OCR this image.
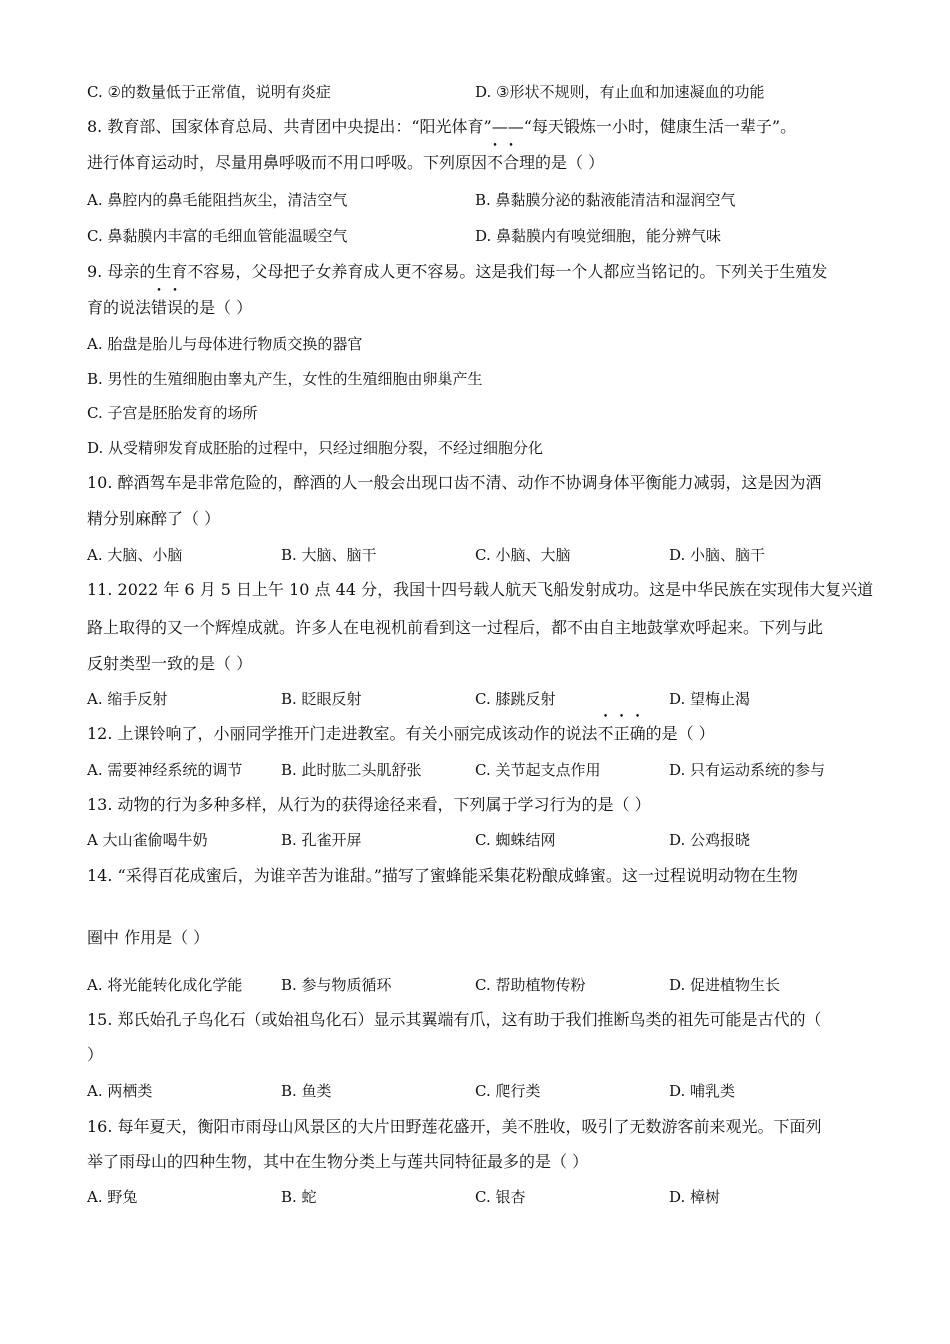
C. ②的数量低于正常值，说明有炎症	D. ③形状不规则，有止血和加速凝血的功能
8. 教育部、国家体育总局、共青团中央提出：“阳光体育”——“每天锻炼一小时，健康生活一辈子”。
进行体育运动时，尽量用鼻呼吸而不用口呼吸。下列原因不合理的是（ ）
A. 鼻腔内的鼻毛能阻挡灰尘，清洁空气	B. 鼻黏膜分泌的黏液能清洁和湿润空气
C. 鼻黏膜内丰富的毛细血管能温暖空气	D. 鼻黏膜内有嗅觉细胞，能分辨气味
9. 母亲的生育不容易，父母把子女养育成人更不容易。这是我们每一个人都应当铭记的。下列关于生殖发
育的说法错误的是（ ）
A. 胎盘是胎儿与母体进行物质交换的器官
B. 男性的生殖细胞由睾丸产生，女性的生殖细胞由卵巢产生
C. 子宫是胚胎发育的场所
D. 从受精卵发育成胚胎的过程中，只经过细胞分裂，不经过细胞分化
10. 醉酒驾车是非常危险的，醉酒的人一般会出现口齿不清、动作不协调身体平衡能力减弱，这是因为酒
精分别麻醉了（ ）
A. 大脑、小脑	B. 大脑、脑干	C. 小脑、大脑	D. 小脑、脑干
11. 2022 年 6 月 5 日上午 10 点 44 分，我国十四号载人航天飞船发射成功。这是中华民族在实现伟大复兴道
路上取得的又一个辉煌成就。许多人在电视机前看到这一过程后，都不由自主地鼓掌欢呼起来。下列与此
反射类型一致的是（ ）
A. 缩手反射	B. 眨眼反射	C. 膝跳反射	D. 望梅止渴
12. 上课铃响了，小丽同学推开门走进教室。有关小丽完成该动作的说法不正确的是（ ）
A. 需要神经系统的调节	B. 此时肱二头肌舒张	C. 关节起支点作用	D. 只有运动系统的参与
13. 动物的行为多种多样，从行为的获得途径来看，下列属于学习行为的是（ ）
A 大山雀偷喝牛奶	B. 孔雀开屏	C. 蜘蛛结网	D. 公鸡报晓
14. “采得百花成蜜后，为谁辛苦为谁甜。”描写了蜜蜂能采集花粉酿成蜂蜜。这一过程说明动物在生物
圈中 作用是（ ）
A. 将光能转化成化学能	B. 参与物质循环	C. 帮助植物传粉	D. 促进植物生长
15. 郑氏始孔子鸟化石（或始祖鸟化石）显示其翼端有爪，这有助于我们推断鸟类的祖先可能是古代的（
）
A. 两栖类	B. 鱼类	C. 爬行类	D. 哺乳类
16. 每年夏天，衡阳市雨母山风景区的大片田野莲花盛开，美不胜收，吸引了无数游客前来观光。下面列
举了雨母山的四种生物，其中在生物分类上与莲共同特征最多的是（ ）
A. 野兔	B. 蛇	C. 银杏	D. 樟树
